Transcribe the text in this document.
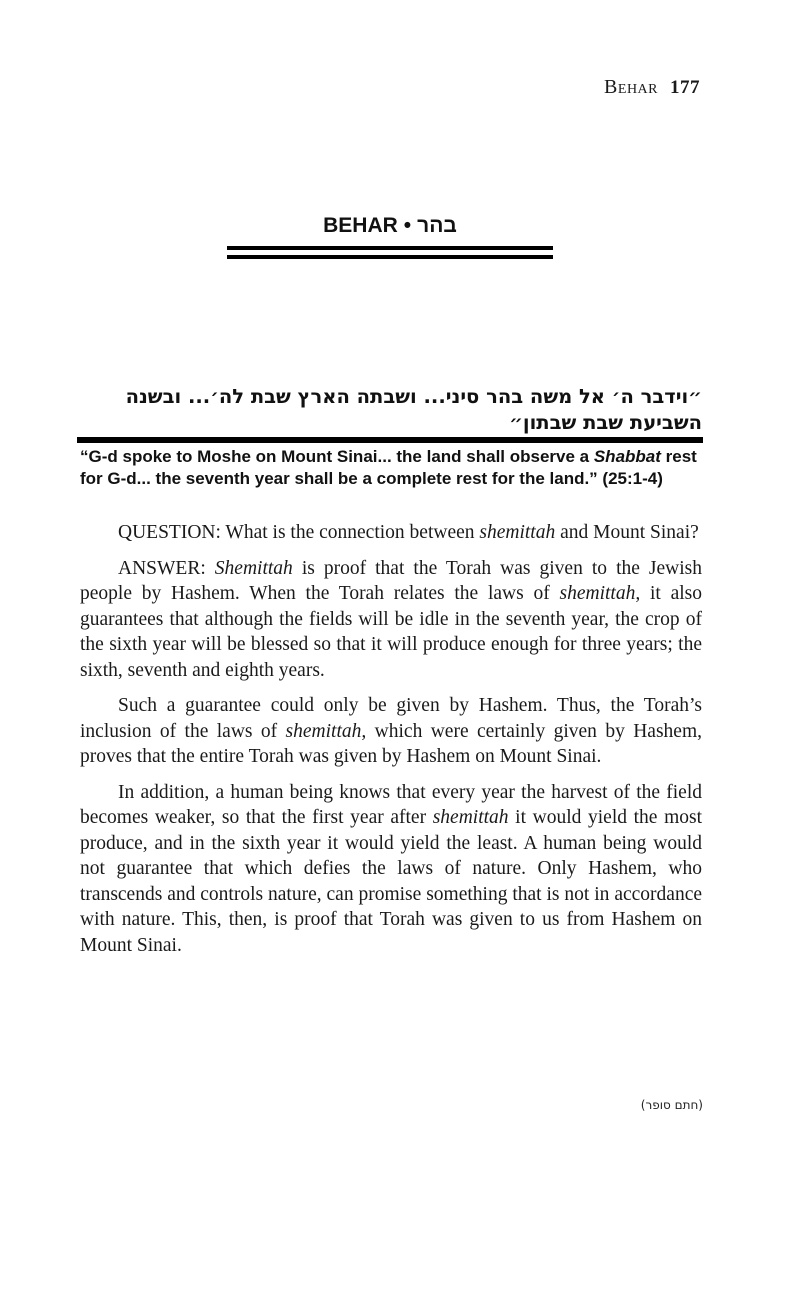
Behar 177
BEHAR • בהר
״וידבר ה׳ אל משה בהר סיני... ושבתה הארץ שבת לה׳... ובשנה השביעת שבת שבתון״
“G-d spoke to Moshe on Mount Sinai... the land shall observe a Shabbat rest for G-d... the seventh year shall be a complete rest for the land.” (25:1-4)

QUESTION: What is the connection between shemittah and Mount Sinai?

ANSWER: Shemittah is proof that the Torah was given to the Jewish people by Hashem. When the Torah relates the laws of shemittah, it also guarantees that although the fields will be idle in the seventh year, the crop of the sixth year will be blessed so that it will produce enough for three years; the sixth, seventh and eighth years.

Such a guarantee could only be given by Hashem. Thus, the Torah’s inclusion of the laws of shemittah, which were certainly given by Hashem, proves that the entire Torah was given by Hashem on Mount Sinai.

In addition, a human being knows that every year the harvest of the field becomes weaker, so that the first year after shemittah it would yield the most produce, and in the sixth year it would yield the least. A human being would not guarantee that which defies the laws of nature. Only Hashem, who transcends and controls nature, can promise something that is not in accordance with nature. This, then, is proof that Torah was given to us from Hashem on Mount Sinai.

(חתם סופר)
